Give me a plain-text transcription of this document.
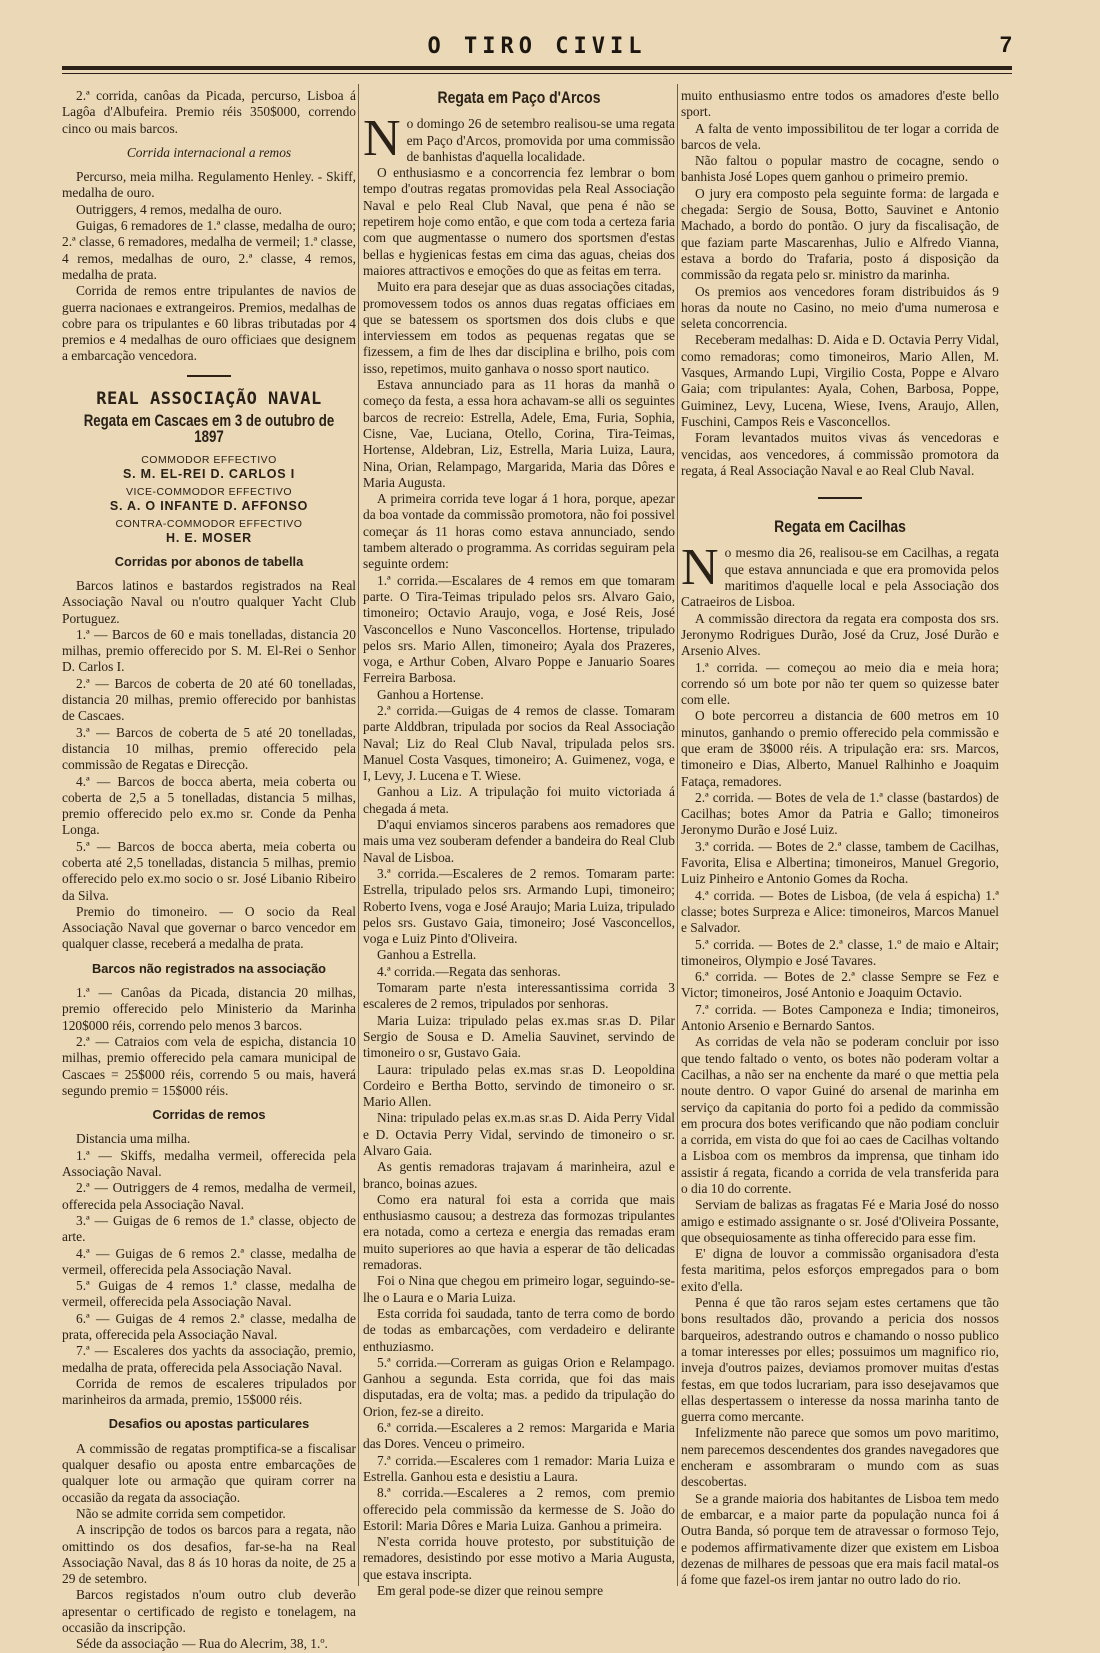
O TIRO CIVIL	7

2.ª corrida, canôas da Picada, percurso, Lisboa á Lagôa d'Albufeira. Premio réis 350$000, correndo cinco ou mais barcos.

Corrida internacional a remos

Percurso, meia milha. Regulamento Henley. - Skiff, medalha de ouro.

Outriggers, 4 remos, medalha de ouro.

Guigas, 6 remadores de 1.ª classe, medalha de ouro; 2.ª classe, 6 remadores, medalha de vermeil; 1.ª classe, 4 remos, medalhas de ouro, 2.ª classe, 4 remos, medalha de prata.

Corrida de remos entre tripulantes de navios de guerra nacionaes e extrangeiros. Premios, medalhas de cobre para os tripulantes e 60 libras tributadas por 4 premios e 4 medalhas de ouro officiaes que designem a embarcação vencedora.

REAL ASSOCIAÇÃO NAVAL
Regata em Cascaes em 3 de outubro de 1897
COMMODOR EFFECTIVO
S. M. EL-REI D. CARLOS I
VICE-COMMODOR EFFECTIVO
S. A. O INFANTE D. AFFONSO
CONTRA-COMMODOR EFFECTIVO
H. E. MOSER
Corridas por abonos de tabella

Barcos latinos e bastardos registrados na Real Associação Naval ou n'outro qualquer Yacht Club Portuguez.

1.ª — Barcos de 60 e mais tonelladas, distancia 20 milhas, premio offerecido por S. M. El-Rei o Senhor D. Carlos I.

2.ª — Barcos de coberta de 20 até 60 tonelladas, distancia 20 milhas, premio offerecido por banhistas de Cascaes.

3.ª — Barcos de coberta de 5 até 20 tonelladas, distancia 10 milhas, premio offerecido pela commissão de Regatas e Direcção.

4.ª — Barcos de bocca aberta, meia coberta ou coberta de 2,5 a 5 tonelladas, distancia 5 milhas, premio offerecido pelo ex.mo sr. Conde da Penha Longa.

5.ª — Barcos de bocca aberta, meia coberta ou coberta até 2,5 tonelladas, distancia 5 milhas, premio offerecido pelo ex.mo socio o sr. José Libanio Ribeiro da Silva.

Premio do timoneiro. — O socio da Real Associação Naval que governar o barco vencedor em qualquer classe, receberá a medalha de prata.

Barcos não registrados na associação

1.ª — Canôas da Picada, distancia 20 milhas, premio offerecido pelo Ministerio da Marinha 120$000 réis, correndo pelo menos 3 barcos.

2.ª — Catraios com vela de espicha, distancia 10 milhas, premio offerecido pela camara municipal de Cascaes = 25$000 réis, correndo 5 ou mais, haverá segundo premio = 15$000 réis.

Corridas de remos

Distancia uma milha.

1.ª — Skiffs, medalha vermeil, offerecida pela Associação Naval.

2.ª — Outriggers de 4 remos, medalha de vermeil, offerecida pela Associação Naval.

3.ª — Guigas de 6 remos de 1.ª classe, objecto de arte.

4.ª — Guigas de 6 remos 2.ª classe, medalha de vermeil, offerecida pela Associação Naval.

5.ª Guigas de 4 remos 1.ª classe, medalha de vermeil, offerecida pela Associação Naval.

6.ª — Guigas de 4 remos 2.ª classe, medalha de prata, offerecida pela Associação Naval.

7.ª — Escaleres dos yachts da associação, premio, medalha de prata, offerecida pela Associação Naval.

Corrida de remos de escaleres tripulados por marinheiros da armada, premio, 15$000 réis.

Desafios ou apostas particulares

A commissão de regatas promptifica-se a fiscalisar qualquer desafio ou aposta entre embarcações de qualquer lote ou armação que quiram correr na occasião da regata da associação.

Não se admite corrida sem competidor.

A inscripção de todos os barcos para a regata, não omittindo os dos desafios, far-se-ha na Real Associação Naval, das 8 ás 10 horas da noite, de 25 a 29 de setembro.

Barcos registados n'oum outro club deverão apresentar o certificado de registo e tonelagem, na occasião da inscripção.

Séde da associação — Rua do Alecrim, 38, 1.º.

Regata em Paço d'Arcos

No domingo 26 de setembro realisou-se uma regata em Paço d'Arcos, promovida por uma commissão de banhistas d'aquella localidade.

O enthusiasmo e a concorrencia fez lembrar o bom tempo d'outras regatas promovidas pela Real Associação Naval e pelo Real Club Naval, que pena é não se repetirem hoje como então, e que com toda a certeza faria com que augmentasse o numero dos sportsmen d'estas bellas e hygienicas festas em cima das aguas, cheias dos maiores attractivos e emoções do que as feitas em terra.

Muito era para desejar que as duas associações citadas, promovessem todos os annos duas regatas officiaes em que se batessem os sportsmen dos dois clubs e que interviessem em todos as pequenas regatas que se fizessem, a fim de lhes dar disciplina e brilho, pois com isso, repetimos, muito ganhava o nosso sport nautico.

Estava annunciado para as 11 horas da manhã o começo da festa, a essa hora achavam-se alli os seguintes barcos de recreio: Estrella, Adele, Ema, Furia, Sophia, Cisne, Vae, Luciana, Otello, Corina, Tira-Teimas, Hortense, Aldebran, Liz, Estrella, Maria Luiza, Laura, Nina, Orian, Relampago, Margarida, Maria das Dôres e Maria Augusta.

A primeira corrida teve logar á 1 hora, porque, apezar da boa vontade da commissão promotora, não foi possivel começar ás 11 horas como estava annunciado, sendo tambem alterado o programma. As corridas seguiram pela seguinte ordem:

1.ª corrida.—Escalares de 4 remos em que tomaram parte. O Tira-Teimas tripulado pelos srs. Alvaro Gaio, timoneiro; Octavio Araujo, voga, e José Reis, José Vasconcellos e Nuno Vasconcellos. Hortense, tripulado pelos srs. Mario Allen, timoneiro; Ayala dos Prazeres, voga, e Arthur Coben, Alvaro Poppe e Januario Soares Ferreira Barbosa.

Ganhou a Hortense.

2.ª corrida.—Guigas de 4 remos de classe. Tomaram parte Alddbran, tripulada por socios da Real Associação Naval; Liz do Real Club Naval, tripulada pelos srs. Manuel Costa Vasques, timoneiro; A. Guimenez, voga, e I, Levy, J. Lucena e T. Wiese.

Ganhou a Liz. A tripulação foi muito victoriada á chegada á meta.

D'aqui enviamos sinceros parabens aos remadores que mais uma vez souberam defender a bandeira do Real Club Naval de Lisboa.

3.ª corrida.—Escaleres de 2 remos. Tomaram parte: Estrella, tripulado pelos srs. Armando Lupi, timoneiro; Roberto Ivens, voga e José Araujo; Maria Luiza, tripulado pelos srs. Gustavo Gaia, timoneiro; José Vasconcellos, voga e Luiz Pinto d'Oliveira.

Ganhou a Estrella.

4.ª corrida.—Regata das senhoras.

Tomaram parte n'esta interessantissima corrida 3 escaleres de 2 remos, tripulados por senhoras.

Maria Luiza: tripulado pelas ex.mas sr.as D. Pilar Sergio de Sousa e D. Amelia Sauvinet, servindo de timoneiro o sr, Gustavo Gaia.

Laura: tripulado pelas ex.mas sr.as D. Leopoldina Cordeiro e Bertha Botto, servindo de timoneiro o sr. Mario Allen.

Nina: tripulado pelas ex.m.as sr.as D. Aida Perry Vidal e D. Octavia Perry Vidal, servindo de timoneiro o sr. Alvaro Gaia.

As gentis remadoras trajavam á marinheira, azul e branco, boinas azues.

Como era natural foi esta a corrida que mais enthusiasmo causou; a destreza das formozas tripulantes era notada, como a certeza e energia das remadas eram muito superiores ao que havia a esperar de tão delicadas remadoras.

Foi o Nina que chegou em primeiro logar, seguindo-se-lhe o Laura e o Maria Luiza.

Esta corrida foi saudada, tanto de terra como de bordo de todas as embarcações, com verdadeiro e delirante enthuziasmo.

5.ª corrida.—Correram as guigas Orion e Relampago. Ganhou a segunda. Esta corrida, que foi das mais disputadas, era de volta; mas. a pedido da tripulação do Orion, fez-se a direito.

6.ª corrida.—Escaleres a 2 remos: Margarida e Maria das Dores. Venceu o primeiro.

7.ª corrida.—Escaleres com 1 remador: Maria Luiza e Estrella. Ganhou esta e desistiu a Laura.

8.ª corrida.—Escaleres a 2 remos, com premio offerecido pela commissão da kermesse de S. João do Estoril: Maria Dôres e Maria Luiza. Ganhou a primeira.

N'esta corrida houve protesto, por substituição de remadores, desistindo por esse motivo a Maria Augusta, que estava inscripta.

Em geral pode-se dizer que reinou sempre

muito enthusiasmo entre todos os amadores d'este bello sport.

A falta de vento impossibilitou de ter logar a corrida de barcos de vela.

Não faltou o popular mastro de cocagne, sendo o banhista José Lopes quem ganhou o primeiro premio.

O jury era composto pela seguinte forma: de largada e chegada: Sergio de Sousa, Botto, Sauvinet e Antonio Machado, a bordo do pontão. O jury da fiscalisação, de que faziam parte Mascarenhas, Julio e Alfredo Vianna, estava a bordo do Trafaria, posto á disposição da commissão da regata pelo sr. ministro da marinha.

Os premios aos vencedores foram distribuidos ás 9 horas da noute no Casino, no meio d'uma numerosa e seleta concorrencia.

Receberam medalhas: D. Aida e D. Octavia Perry Vidal, como remadoras; como timoneiros, Mario Allen, M. Vasques, Armando Lupi, Virgilio Costa, Poppe e Alvaro Gaia; com tripulantes: Ayala, Cohen, Barbosa, Poppe, Guiminez, Levy, Lucena, Wiese, Ivens, Araujo, Allen, Fuschini, Campos Reis e Vasconcellos.

Foram levantados muitos vivas ás vencedoras e vencidas, aos vencedores, á commissão promotora da regata, á Real Associação Naval e ao Real Club Naval.

Regata em Cacilhas

No mesmo dia 26, realisou-se em Cacilhas, a regata que estava annunciada e que era promovida pelos maritimos d'aquelle local e pela Associação dos Catraeiros de Lisboa.

A commissão directora da regata era composta dos srs. Jeronymo Rodrigues Durão, José da Cruz, José Durão e Arsenio Alves.

1.ª corrida. — começou ao meio dia e meia hora; correndo só um bote por não ter quem so quizesse bater com elle.

O bote percorreu a distancia de 600 metros em 10 minutos, ganhando o premio offerecido pela commissão e que eram de 3$000 réis. A tripulação era: srs. Marcos, timoneiro e Dias, Alberto, Manuel Ralhinho e Joaquim Fataça, remadores.

2.ª corrida. — Botes de vela de 1.ª classe (bastardos) de Cacilhas; botes Amor da Patria e Gallo; timoneiros Jeronymo Durão e José Luiz.

3.ª corrida. — Botes de 2.ª classe, tambem de Cacilhas, Favorita, Elisa e Albertina; timoneiros, Manuel Gregorio, Luiz Pinheiro e Antonio Gomes da Rocha.

4.ª corrida. — Botes de Lisboa, (de vela á espicha) 1.ª classe; botes Surpreza e Alice: timoneiros, Marcos Manuel e Salvador.

5.ª corrida. — Botes de 2.ª classe, 1.º de maio e Altair; timoneiros, Olympio e José Tavares.

6.ª corrida. — Botes de 2.ª classe Sempre se Fez e Victor; timoneiros, José Antonio e Joaquim Octavio.

7.ª corrida. — Botes Camponeza e India; timoneiros, Antonio Arsenio e Bernardo Santos.

As corridas de vela não se poderam concluir por isso que tendo faltado o vento, os botes não poderam voltar a Cacilhas, a não ser na enchente da maré o que mettia pela noute dentro. O vapor Guiné do arsenal de marinha em serviço da capitania do porto foi a pedido da commissão em procura dos botes verificando que não podiam concluir a corrida, em vista do que foi ao caes de Cacilhas voltando a Lisboa com os membros da imprensa, que tinham ido assistir á regata, ficando a corrida de vela transferida para o dia 10 do corrente.

Serviam de balizas as fragatas Fé e Maria José do nosso amigo e estimado assignante o sr. José d'Oliveira Possante, que obsequiosamente as tinha offerecido para esse fim.

E' digna de louvor a commissão organisadora d'esta festa maritima, pelos esforços empregados para o bom exito d'ella.

Penna é que tão raros sejam estes certamens que tão bons resultados dão, provando a pericia dos nossos barqueiros, adestrando outros e chamando o nosso publico a tomar interesses por elles; possuimos um magnifico rio, inveja d'outros paizes, deviamos promover muitas d'estas festas, em que todos lucrariam, para isso desejavamos que ellas despertassem o interesse da nossa marinha tanto de guerra como mercante.

Infelizmente não parece que somos um povo maritimo, nem parecemos descendentes dos grandes navegadores que encheram e assombraram o mundo com as suas descobertas.

Se a grande maioria dos habitantes de Lisboa tem medo de embarcar, e a maior parte da população nunca foi á Outra Banda, só porque tem de atravessar o formoso Tejo, e podemos affirmativamente dizer que existem em Lisboa dezenas de milhares de pessoas que era mais facil matal-os á fome que fazel-os irem jantar no outro lado do rio.
